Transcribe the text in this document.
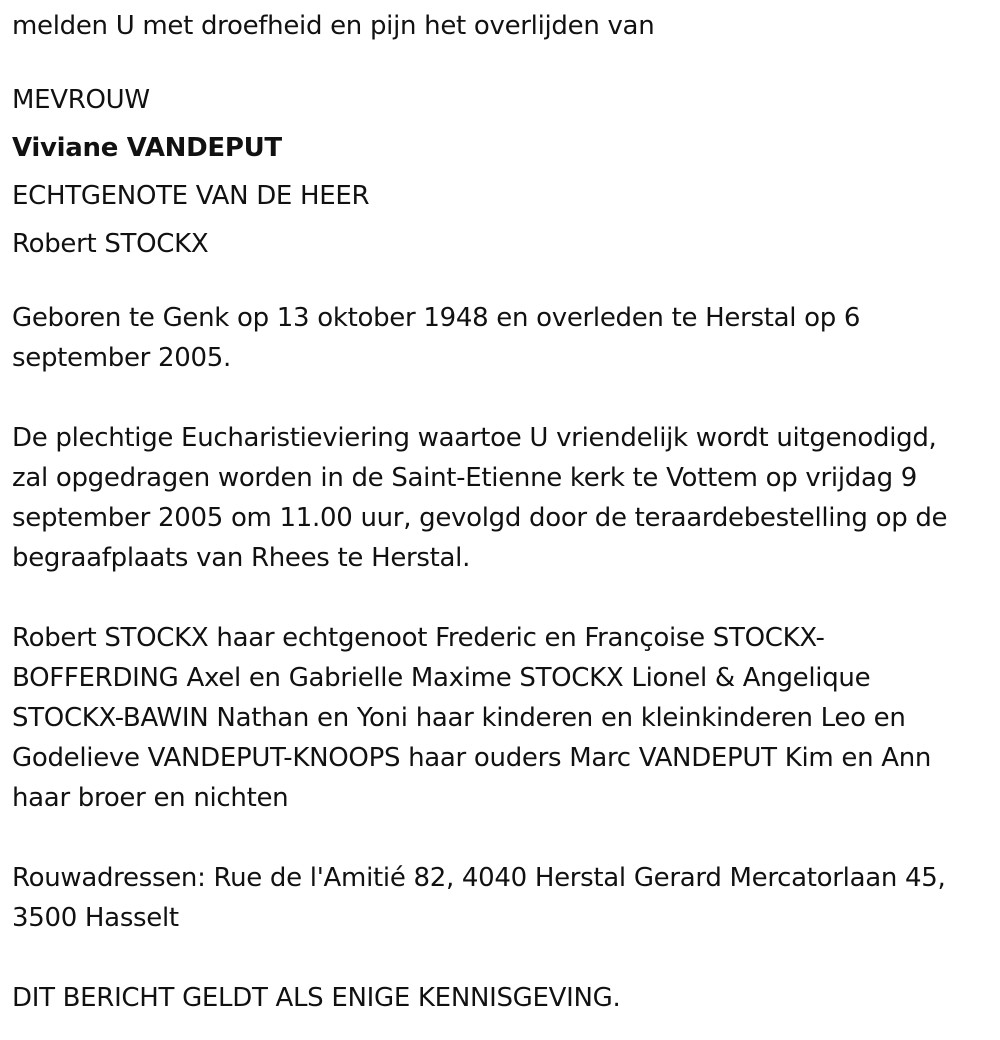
melden U met droefheid en pijn het overlijden van
MEVROUW
Viviane VANDEPUT
ECHTGENOTE VAN DE HEER
Robert STOCKX
Geboren te Genk op 13 oktober 1948 en overleden te Herstal op 6
september 2005.
De plechtige Eucharistieviering waartoe U vriendelijk wordt uitgenodigd,
zal opgedragen worden in de Saint-Etienne kerk te Vottem op vrijdag 9
september 2005 om 11.00 uur, gevolgd door de teraardebestelling op de
begraafplaats van Rhees te Herstal.
Robert STOCKX haar echtgenoot Frederic en Françoise STOCKX-
BOFFERDING Axel en Gabrielle Maxime STOCKX Lionel & Angelique
STOCKX-BAWIN Nathan en Yoni haar kinderen en kleinkinderen Leo en
Godelieve VANDEPUT-KNOOPS haar ouders Marc VANDEPUT Kim en Ann
haar broer en nichten
Rouwadressen: Rue de l'Amitié 82, 4040 Herstal Gerard Mercatorlaan 45,
3500 Hasselt
DIT BERICHT GELDT ALS ENIGE KENNISGEVING.
